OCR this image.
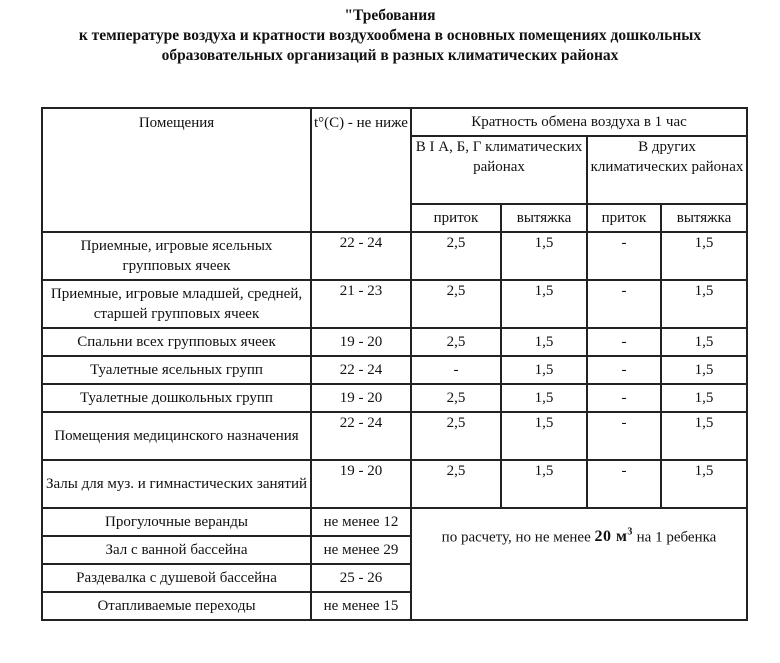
"Требования
к температуре воздуха и кратности воздухообмена в основных помещениях дошкольных
образовательных организаций в разных климатических районах
Помещения	t°(C) - не ниже	Кратность обмена воздуха в 1 час			
		В I А, Б, Г климатических районах		В других климатических районах	
		приток	вытяжка	приток	вытяжка
Приемные, игровые ясельных групповых ячеек	22 - 24	2,5	1,5	-	1,5
Приемные, игровые младшей, средней, старшей групповых ячеек	21 - 23	2,5	1,5	-	1,5
Спальни всех групповых ячеек	19 - 20	2,5	1,5	-	1,5
Туалетные ясельных групп	22 - 24	-	1,5	-	1,5
Туалетные дошкольных групп	19 - 20	2,5	1,5	-	1,5
Помещения медицинского назначения	22 - 24	2,5	1,5	-	1,5
Залы для муз. и гимнастических занятий	19 - 20	2,5	1,5	-	1,5
Прогулочные веранды	не менее 12	по расчету, но не менее 20 $м^3$ на 1 ребенка			
Зал с ванной бассейна	не менее 29				
Раздевалка с душевой бассейна	25 - 26				
Отапливаемые переходы	не менее 15				
